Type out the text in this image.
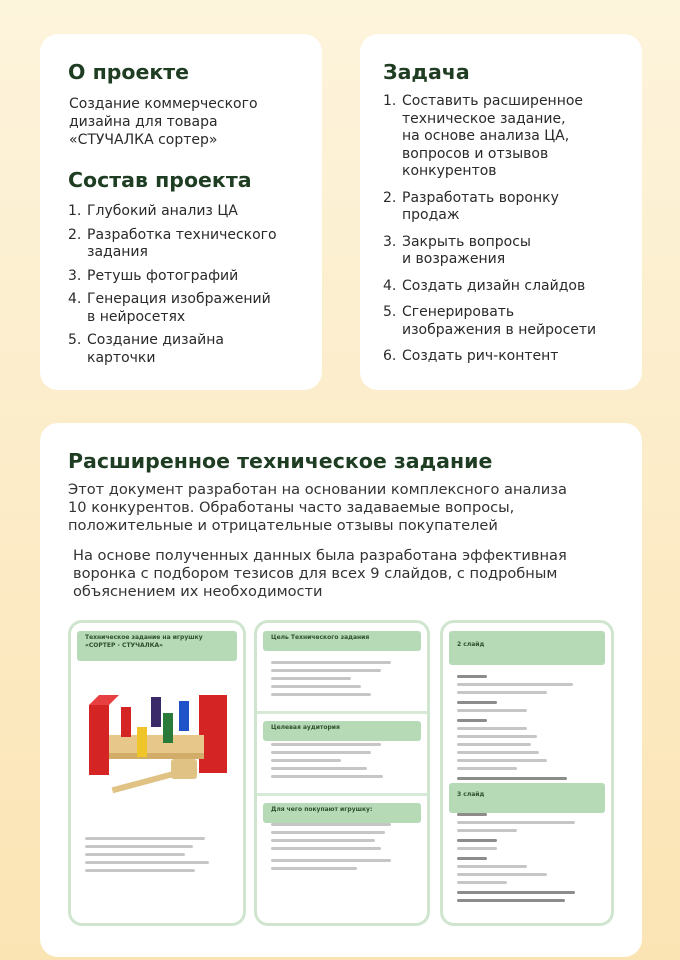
О проекте
Создание коммерческого
дизайна для товара
«СТУЧАЛКА сортер»
Состав проекта
1. Глубокий анализ ЦА
2. Разработка технического
задания
3. Ретушь фотографий
4. Генерация изображений
в нейросетях
5. Создание дизайна
карточки
Задача
1. Составить расширенное
техническое задание,
на основе анализа ЦА,
вопросов и отзывов
конкурентов
2. Разработать воронку
продаж
3. Закрыть вопросы
и возражения
4. Создать дизайн слайдов
5. Сгенерировать
изображения в нейросети
6. Создать рич-контент
Расширенное техническое задание
Этот документ разработан на основании комплексного анализа
10 конкурентов. Обработаны часто задаваемые вопросы,
положительные и отрицательные отзывы покупателей
На основе полученных данных была разработана эффективная
воронка с подбором тезисов для всех 9 слайдов, с подробным
объяснением их необходимости
Техническое задание на игрушку «СОРТЕР - СТУЧАЛКА»
Цель Технического задания
Целевая аудитория
Для чего покупают игрушку:
2 слайд
3 слайд
